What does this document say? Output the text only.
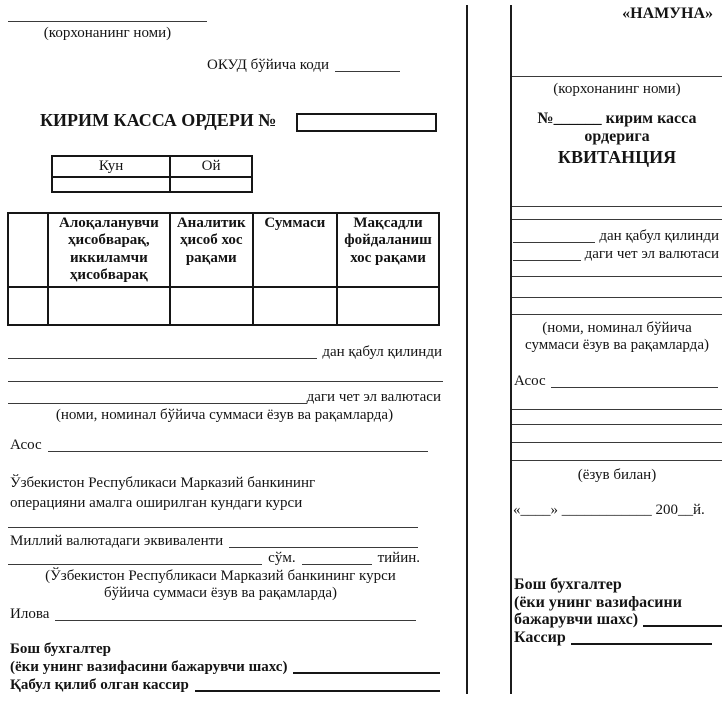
(корхонанинг номи)
ОКУД бўйича коди
КИРИМ КАССА ОРДЕРИ №
Кун	Ой

	Алоқаланувчи ҳисобварақ, иккиламчи ҳисобварақ	Аналитик ҳисоб хос рақами	Суммаси	Мақсадли фойдаланиш хос рақами

дан қабул қилинди
даги чет эл валютаси
(номи, номинал бўйича суммаси ёзув ва рақамларда)
Асос
Ўзбекистон Республикаси Марказий банкининг
операцияни амалга оширилган кундаги курси
Миллий валютадаги эквиваленти
сўм.	тийин.
(Ўзбекистон Республикаси Марказий банкининг курси
бўйича суммаси ёзув ва рақамларда)
Илова
Бош бухгалтер
(ёки унинг вазифасини бажарувчи шахс)
Қабул қилиб олган кассир
«НАМУНА»
(корхонанинг номи)
№______ кирим касса
ордерига
КВИТАНЦИЯ
дан қабул қилинди
даги чет эл валютаси
(номи, номинал бўйича
суммаси ёзув ва рақамларда)
Асос
(ёзув билан)
«____» ____________ 200__й.
Бош бухгалтер
(ёки унинг вазифасини
бажарувчи шахс)
Кассир
